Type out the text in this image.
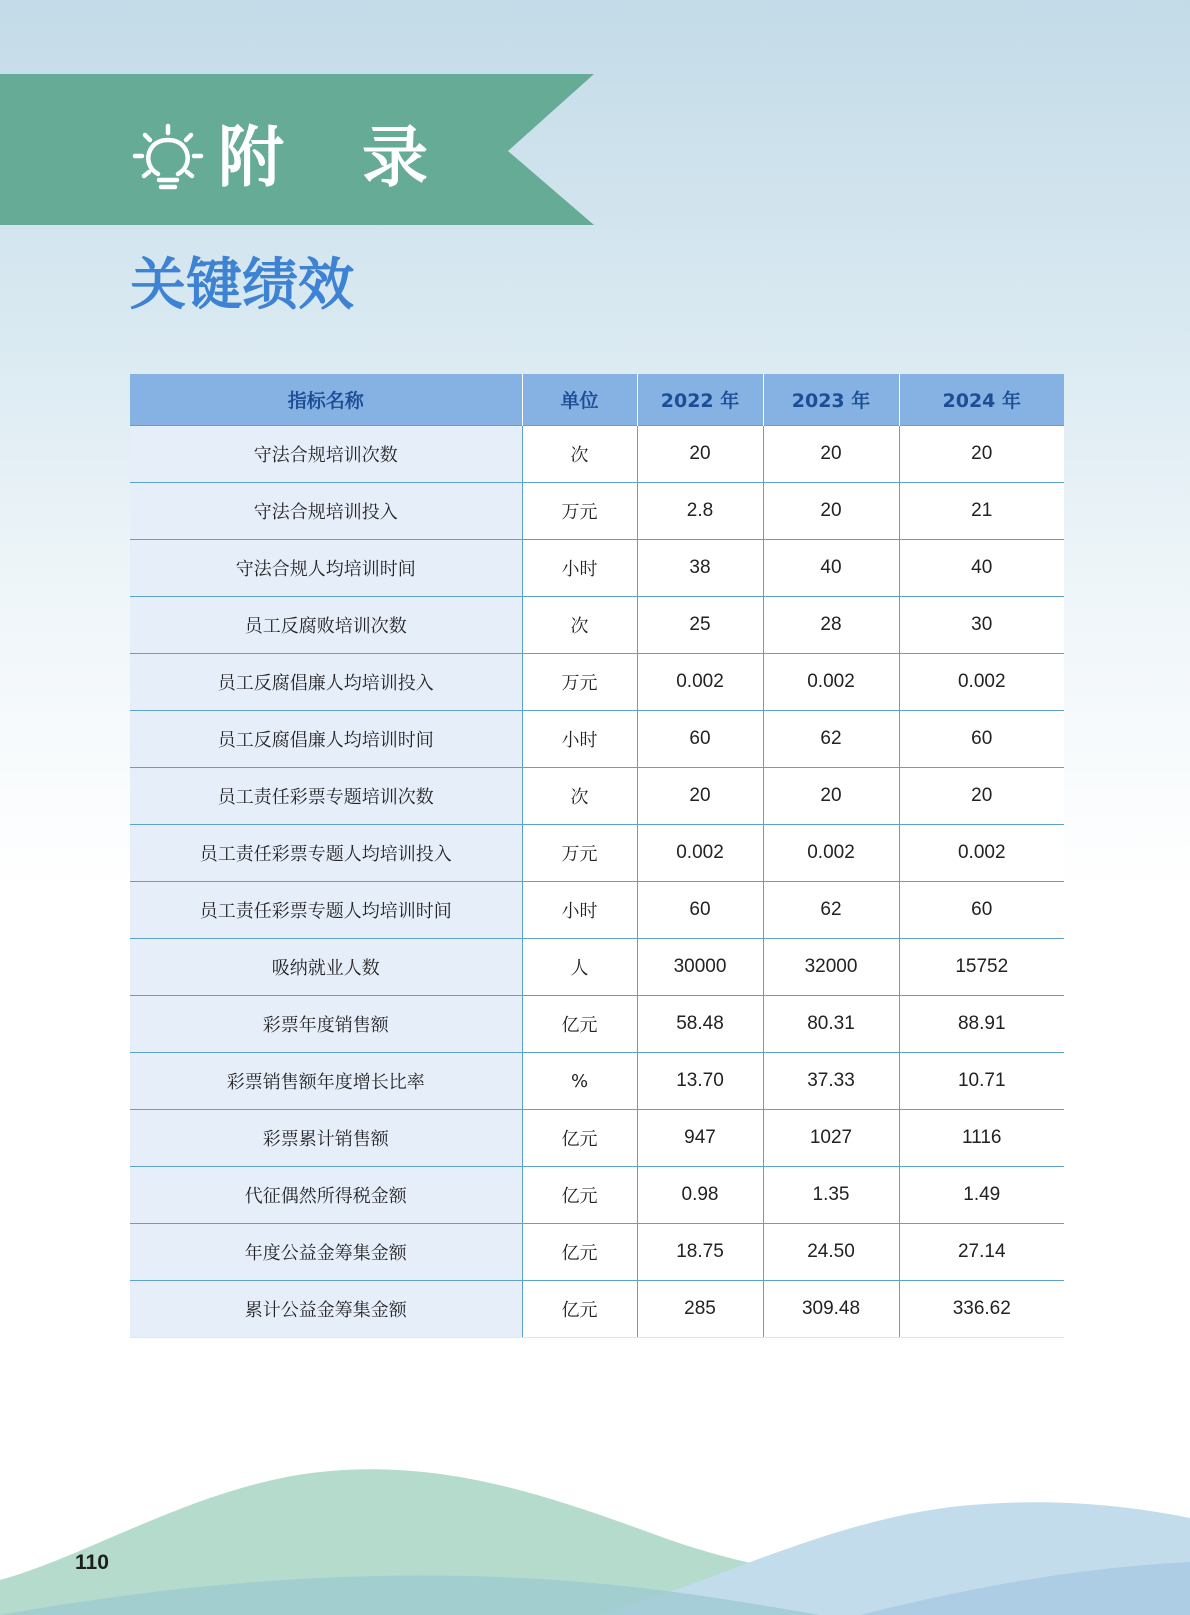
附　录
关键绩效
指标名称	单位	2022 年	2023 年	2024 年
守法合规培训次数	次	20	20	20
守法合规培训投入	万元	2.8	20	21
守法合规人均培训时间	小时	38	40	40
员工反腐败培训次数	次	25	28	30
员工反腐倡廉人均培训投入	万元	0.002	0.002	0.002
员工反腐倡廉人均培训时间	小时	60	62	60
员工责任彩票专题培训次数	次	20	20	20
员工责任彩票专题人均培训投入	万元	0.002	0.002	0.002
员工责任彩票专题人均培训时间	小时	60	62	60
吸纳就业人数	人	30000	32000	15752
彩票年度销售额	亿元	58.48	80.31	88.91
彩票销售额年度增长比率	%	13.70	37.33	10.71
彩票累计销售额	亿元	947	1027	1116
代征偶然所得税金额	亿元	0.98	1.35	1.49
年度公益金筹集金额	亿元	18.75	24.50	27.14
累计公益金筹集金额	亿元	285	309.48	336.62
110
